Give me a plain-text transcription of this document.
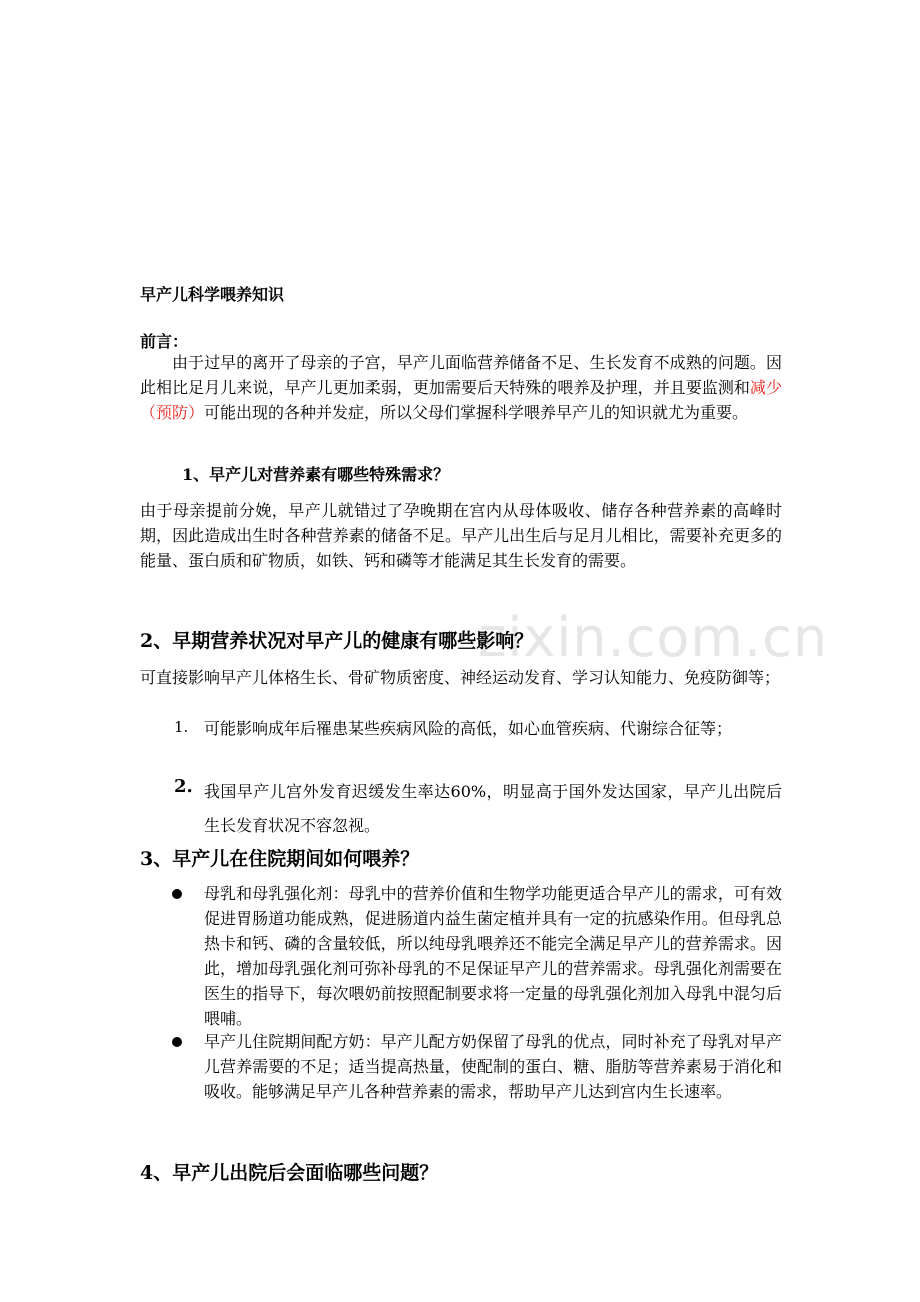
zixin.com.cn
早产儿科学喂养知识
前言：

由于过早的离开了母亲的子宫，早产儿面临营养储备不足、生长发育不成熟的问题。因此相比足月儿来说，早产儿更加柔弱，更加需要后天特殊的喂养及护理，并且要监测和减少（预防）可能出现的各种并发症，所以父母们掌握科学喂养早产儿的知识就尤为重要。

1、早产儿对营养素有哪些特殊需求？

由于母亲提前分娩，早产儿就错过了孕晚期在宫内从母体吸收、储存各种营养素的高峰时期，因此造成出生时各种营养素的储备不足。早产儿出生后与足月儿相比，需要补充更多的能量、蛋白质和矿物质，如铁、钙和磷等才能满足其生长发育的需要。

2、早期营养状况对早产儿的健康有哪些影响？

可直接影响早产儿体格生长、骨矿物质密度、神经运动发育、学习认知能力、免疫防御等；

1. 可能影响成年后罹患某些疾病风险的高低，如心血管疾病、代谢综合征等；

2. 我国早产儿宫外发育迟缓发生率达60%，明显高于国外发达国家，早产儿出院后生长发育状况不容忽视。

3、早产儿在住院期间如何喂养？

母乳和母乳强化剂：母乳中的营养价值和生物学功能更适合早产儿的需求，可有效促进胃肠道功能成熟，促进肠道内益生菌定植并具有一定的抗感染作用。但母乳总热卡和钙、磷的含量较低，所以纯母乳喂养还不能完全满足早产儿的营养需求。因此，增加母乳强化剂可弥补母乳的不足保证早产儿的营养需求。母乳强化剂需要在医生的指导下，每次喂奶前按照配制要求将一定量的母乳强化剂加入母乳中混匀后喂哺。

早产儿住院期间配方奶：早产儿配方奶保留了母乳的优点，同时补充了母乳对早产儿营养需要的不足；适当提高热量，使配制的蛋白、糖、脂肪等营养素易于消化和吸收。能够满足早产儿各种营养素的需求，帮助早产儿达到宫内生长速率。

4、早产儿出院后会面临哪些问题？
